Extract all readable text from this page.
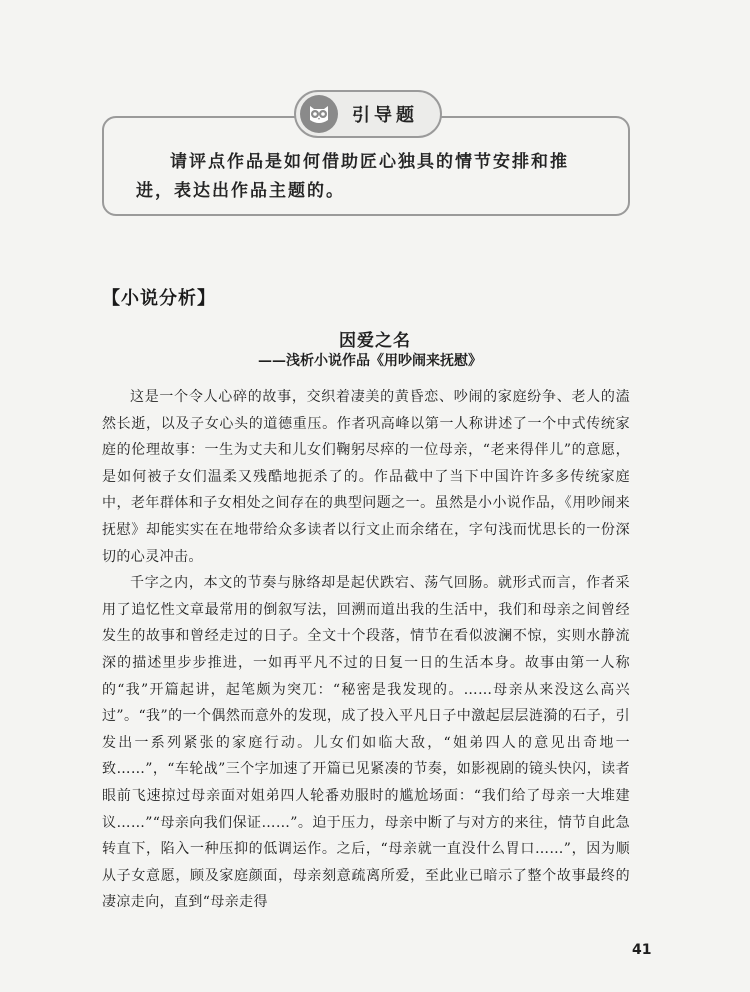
引导题

请评点作品是如何借助匠心独具的情节安排和推进，表达出作品主题的。

【小说分析】
因爱之名
——浅析小说作品《用吵闹来抚慰》

这是一个令人心碎的故事，交织着凄美的黄昏恋、吵闹的家庭纷争、老人的溘然长逝，以及子女心头的道德重压。作者巩高峰以第一人称讲述了一个中式传统家庭的伦理故事：一生为丈夫和儿女们鞠躬尽瘁的一位母亲，“老来得伴儿”的意愿，是如何被子女们温柔又残酷地扼杀了的。作品截中了当下中国许许多多传统家庭中，老年群体和子女相处之间存在的典型问题之一。虽然是小小说作品，《用吵闹来抚慰》却能实实在在地带给众多读者以行文止而余绪在，字句浅而忧思长的一份深切的心灵冲击。

千字之内，本文的节奏与脉络却是起伏跌宕、荡气回肠。就形式而言，作者采用了追忆性文章最常用的倒叙写法，回溯而道出我的生活中，我们和母亲之间曾经发生的故事和曾经走过的日子。全文十个段落，情节在看似波澜不惊，实则水静流深的描述里步步推进，一如再平凡不过的日复一日的生活本身。故事由第一人称的“我”开篇起讲，起笔颇为突兀：“秘密是我发现的。……母亲从来没这么高兴过”。“我”的一个偶然而意外的发现，成了投入平凡日子中激起层层涟漪的石子，引发出一系列紧张的家庭行动。儿女们如临大敌，“姐弟四人的意见出奇地一致……”，“车轮战”三个字加速了开篇已见紧凑的节奏，如影视剧的镜头快闪，读者眼前飞速掠过母亲面对姐弟四人轮番劝服时的尴尬场面：“我们给了母亲一大堆建议……”“母亲向我们保证……”。迫于压力，母亲中断了与对方的来往，情节自此急转直下，陷入一种压抑的低调运作。之后，“母亲就一直没什么胃口……”，因为顺从子女意愿，顾及家庭颜面，母亲刻意疏离所爱，至此业已暗示了整个故事最终的凄凉走向，直到“母亲走得

41
